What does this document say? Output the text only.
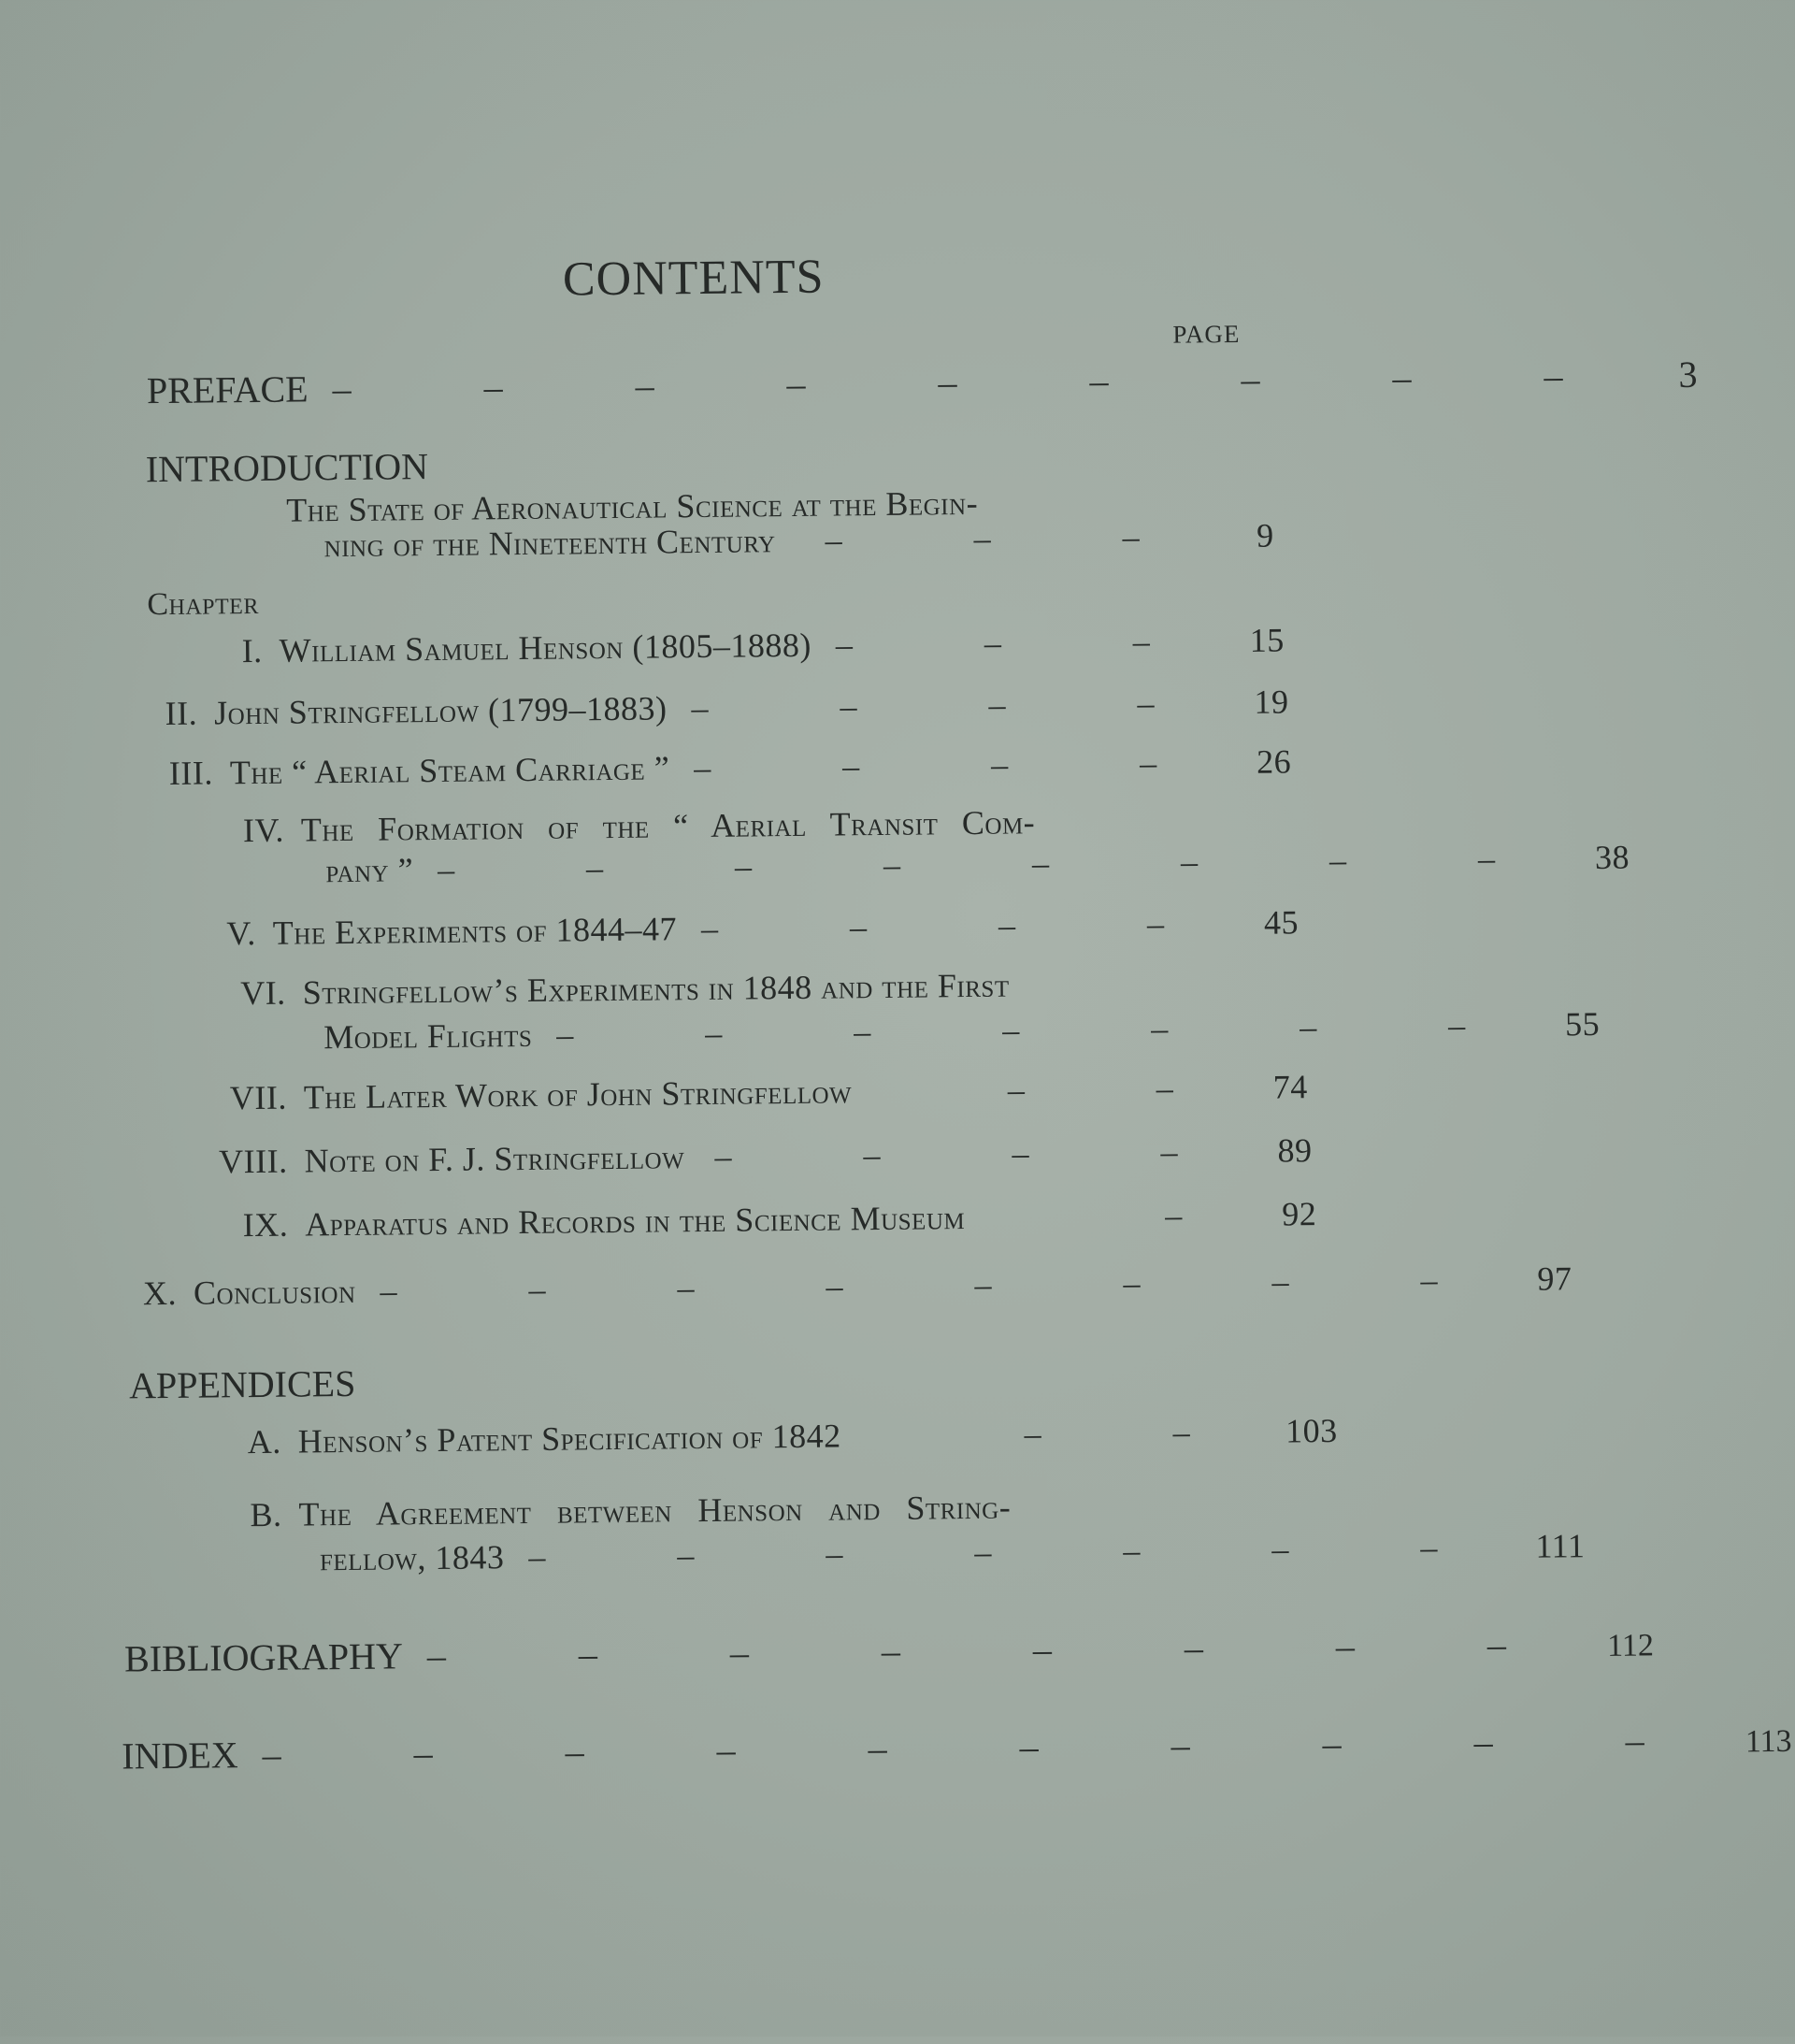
CONTENTS
PAGE
PREFACE – – – – – – – – –	3
INTRODUCTION
The State of Aeronautical Science at the Begin-
ning of the Nineteenth Century	– – –	9
Chapter
I. William Samuel Henson (1805–1888) – – –	15
II. John Stringfellow (1799–1883) – – – –	19
III. The “ Aerial Steam Carriage ” – – – –	26
IV. The Formation of the “ Aerial Transit Com-
pany ” – – – – – – – –	38
V. The Experiments of 1844–47 – – – –	45
VI. Stringfellow’s Experiments in 1848 and the First
Model Flights – – – – – – –	55
VII. The Later Work of John Stringfellow	– –	74
VIII. Note on F. J. Stringfellow – – – –	89
IX. Apparatus and Records in the Science Museum	–	92
X. Conclusion – – – – – – – –	97
APPENDICES
A. Henson’s Patent Specification of 1842	– –	103
B. The Agreement between Henson and String-
fellow, 1843 – – – – – – –	111
BIBLIOGRAPHY – – – – – – – –	112
INDEX – – – – – – – – – –	113
